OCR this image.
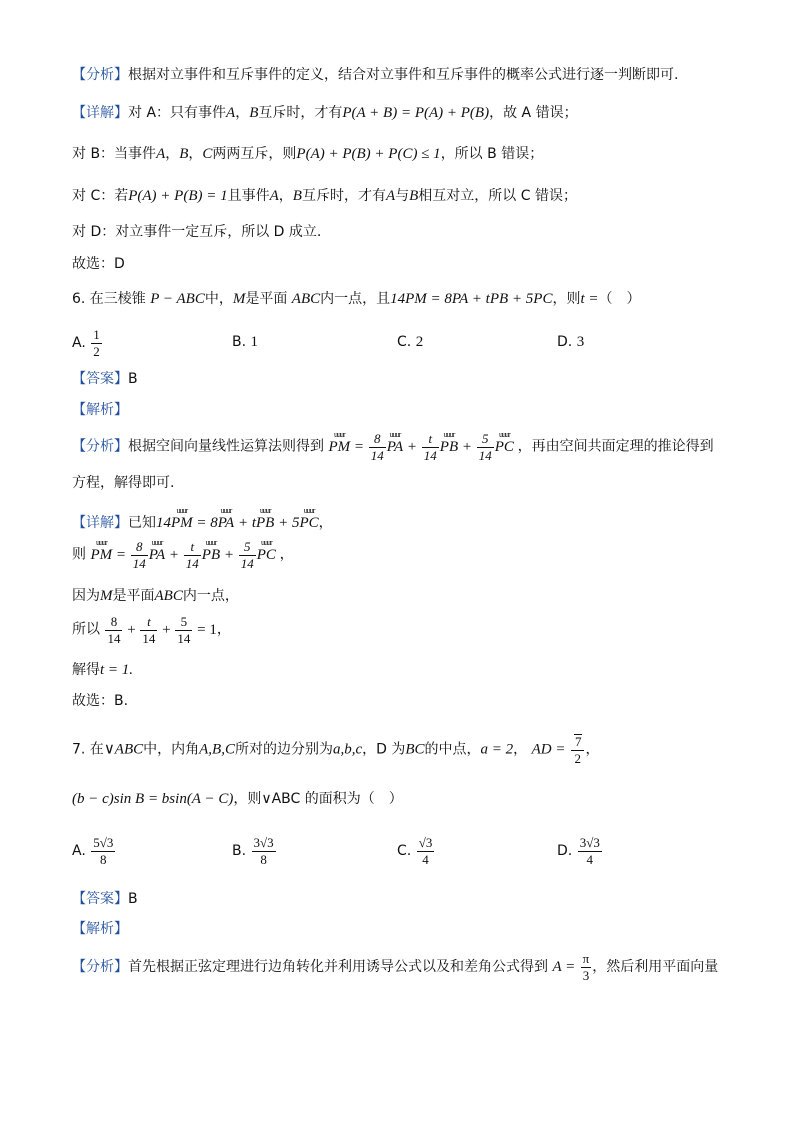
【分析】根据对立事件和互斥事件的定义，结合对立事件和互斥事件的概率公式进行逐一判断即可.
【详解】对 A：只有事件A，B互斥时，才有P(A + B) = P(A) + P(B)，故 A 错误；
对 B：当事件A，B，C两两互斥，则P(A) + P(B) + P(C) ≤ 1，所以 B 错误；
对 C：若P(A) + P(B) = 1且事件A，B互斥时，才有A与B相互对立，所以 C 错误；
对 D：对立事件一定互斥，所以 D 成立.
故选：D
6. 在三棱锥 P − ABC中，M是平面 ABC内一点，且14PM = 8PA + tPB + 5PC，则t =（　）
A. $\frac{1}{2}$	B. 1	C. 2	D. 3
【答案】B
【解析】
【分析】根据空间向量线性运算法则得到 uuur PM = $\frac{8}{14}$ uuur PA + $\frac{t}{14}$ uuur PB + $\frac{5}{14}$ uuur PC ，再由空间共面定理的推论得到
方程，解得即可.
【详解】已知14uuur PM = 8uuur PA + tuuur PB + 5uuur PC，
则 uuur PM = $\frac{8}{14}$ uuur PA + $\frac{t}{14}$ uuur PB + $\frac{5}{14}$ uuur PC ，
因为M是平面ABC内一点，
所以 $\frac{8}{14} + \frac{t}{14} + \frac{5}{14} = 1$，
解得t = 1.
故选：B.
7. 在∨ABC中，内角A,B,C所对的边分别为a,b,c，D 为BC的中点，a = 2， AD = $\frac{7}{2}$ ，
(b − c)sin B = bsin(A − C)，则∨ABC 的面积为（　）
A. $\frac{5√3}{8}$	B. $\frac{3√3}{8}$	C. $\frac{√3}{4}$	D. $\frac{3√3}{4}$
【答案】B
【解析】
【分析】首先根据正弦定理进行边角转化并利用诱导公式以及和差角公式得到 $A = \frac{\pi}{3}$ ，然后利用平面向量
